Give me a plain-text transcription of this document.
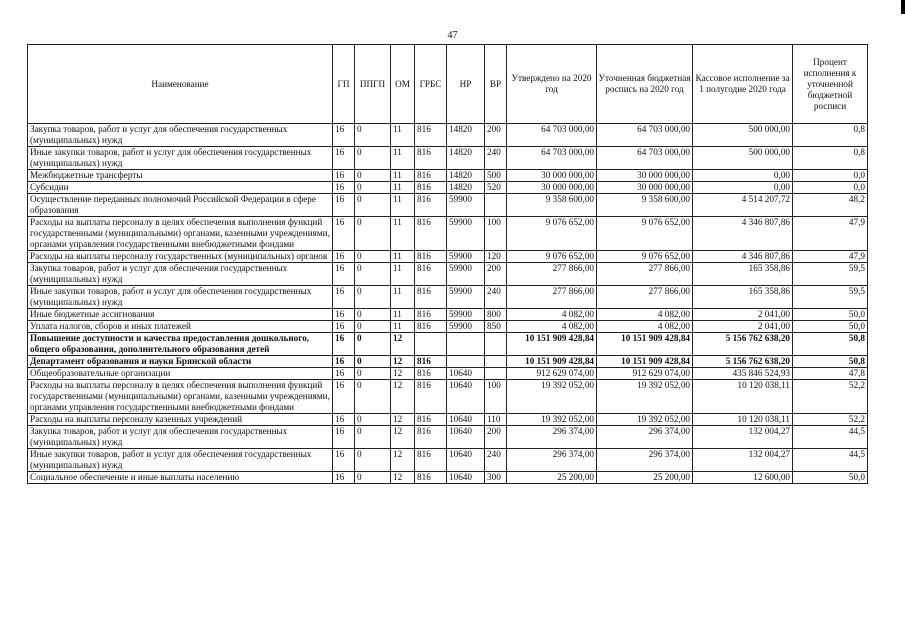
47
Наименование	ГП	ППГП	ОМ	ГРБС	НР	ВР	Утверждено на 2020 год	Уточненная бюджетная роспись на 2020 год	Кассовое исполнение за 1 полугодие 2020 года	Процент исполнения к уточненной бюджетной росписи
Закупка товаров, работ и услуг для обеспечения государственных (муниципальных) нужд	16	0	11	816	14820	200	64 703 000,00	64 703 000,00	500 000,00	0,8
Иные закупки товаров, работ и услуг для обеспечения государственных (муниципальных) нужд	16	0	11	816	14820	240	64 703 000,00	64 703 000,00	500 000,00	0,8
Межбюджетные трансферты	16	0	11	816	14820	500	30 000 000,00	30 000 000,00	0,00	0,0
Субсидии	16	0	11	816	14820	520	30 000 000,00	30 000 000,00	0,00	0,0
Осуществление переданных полномочий Российской Федерации в сфере образования	16	0	11	816	59900		9 358 600,00	9 358 600,00	4 514 207,72	48,2
Расходы на выплаты персоналу в целях обеспечения выполнения функций государственными (муниципальными) органами, казенными учреждениями, органами управления государственными внебюджетными фондами	16	0	11	816	59900	100	9 076 652,00	9 076 652,00	4 346 807,86	47,9
Расходы на выплаты персоналу государственных (муниципальных) органов	16	0	11	816	59900	120	9 076 652,00	9 076 652,00	4 346 807,86	47,9
Закупка товаров, работ и услуг для обеспечения государственных (муниципальных) нужд	16	0	11	816	59900	200	277 866,00	277 866,00	165 358,86	59,5
Иные закупки товаров, работ и услуг для обеспечения государственных (муниципальных) нужд	16	0	11	816	59900	240	277 866,00	277 866,00	165 358,86	59,5
Иные бюджетные ассигнования	16	0	11	816	59900	800	4 082,00	4 082,00	2 041,00	50,0
Уплата налогов, сборов и иных платежей	16	0	11	816	59900	850	4 082,00	4 082,00	2 041,00	50,0
Повышение доступности и качества предоставления дошкольного, общего образования, дополнительного образования детей	16	0	12				10 151 909 428,84	10 151 909 428,84	5 156 762 638,20	50,8
Департамент образования и науки Брянской области	16	0	12	816			10 151 909 428,84	10 151 909 428,84	5 156 762 638,20	50,8
Общеобразовательные организации	16	0	12	816	10640		912 629 074,00	912 629 074,00	435 846 524,93	47,8
Расходы на выплаты персоналу в целях обеспечения выполнения функций государственными (муниципальными) органами, казенными учреждениями, органами управления государственными внебюджетными фондами	16	0	12	816	10640	100	19 392 052,00	19 392 052,00	10 120 038,11	52,2
Расходы на выплаты персоналу казенных учреждений	16	0	12	816	10640	110	19 392 052,00	19 392 052,00	10 120 038,11	52,2
Закупка товаров, работ и услуг для обеспечения государственных (муниципальных) нужд	16	0	12	816	10640	200	296 374,00	296 374,00	132 004,27	44,5
Иные закупки товаров, работ и услуг для обеспечения государственных (муниципальных) нужд	16	0	12	816	10640	240	296 374,00	296 374,00	132 004,27	44,5
Социальное обеспечение и иные выплаты населению	16	0	12	816	10640	300	25 200,00	25 200,00	12 600,00	50,0
